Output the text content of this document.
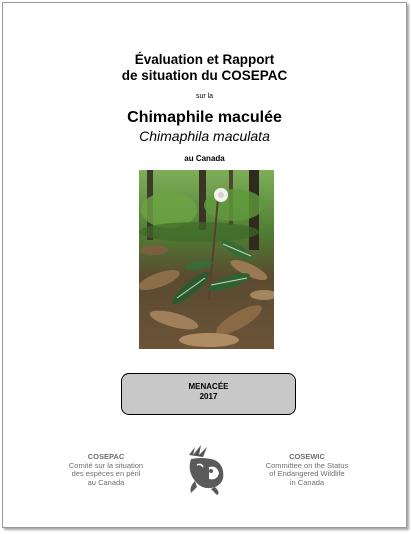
Évaluation et Rapport
de situation du COSEPAC
sur la
Chimaphile maculée
Chimaphila maculata
au Canada
MENACÉE
2017
COSEPAC
Comité sur la situation
des espèces en péril
au Canada
COSEWIC
Committee on the Status
of Endangered Wildlife
in Canada
